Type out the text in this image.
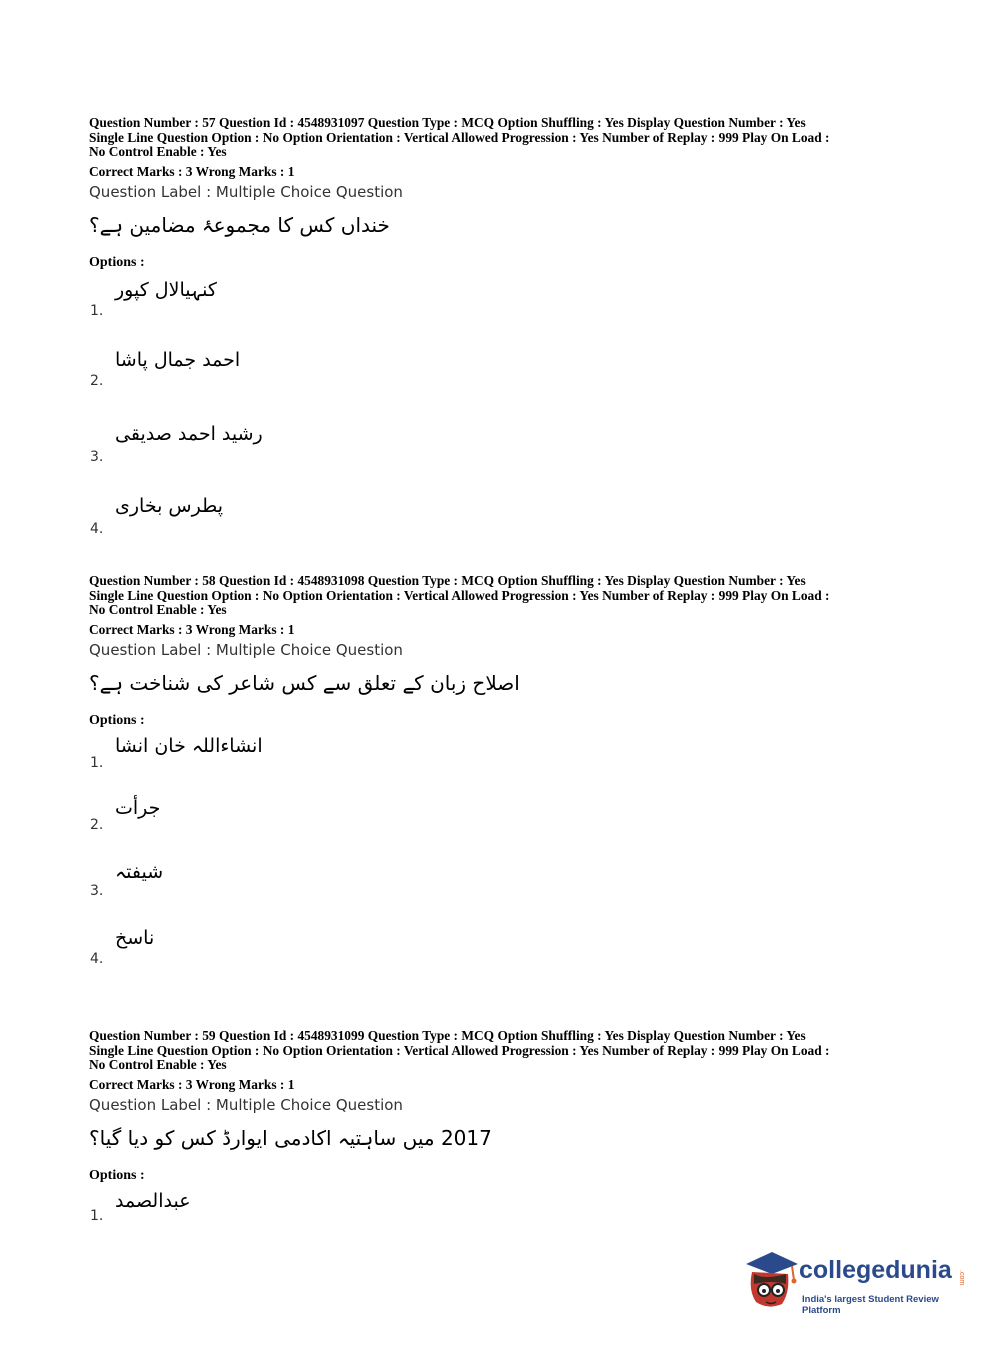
Question Number : 57 Question Id : 4548931097 Question Type : MCQ Option Shuffling : Yes Display Question Number : Yes
Single Line Question Option : No Option Orientation : Vertical Allowed Progression : Yes Number of Replay : 999 Play On Load :
No Control Enable : Yes

Correct Marks : 3 Wrong Marks : 1
Question Label : Multiple Choice Question
خنداں کس کا مجموعۂ مضامین ہے؟
Options :
1.
کنہیالال کپور
2.
احمد جمال پاشا
3.
رشید احمد صدیقی
4.
پطرس بخاری

Question Number : 58 Question Id : 4548931098 Question Type : MCQ Option Shuffling : Yes Display Question Number : Yes
Single Line Question Option : No Option Orientation : Vertical Allowed Progression : Yes Number of Replay : 999 Play On Load :
No Control Enable : Yes

Correct Marks : 3 Wrong Marks : 1
Question Label : Multiple Choice Question
اصلاح زبان کے تعلق سے کس شاعر کی شناخت ہے؟
Options :
1.
انشاءاللہ خان انشا
2.
جرأت
3.
شیفتہ
4.
ناسخ

Question Number : 59 Question Id : 4548931099 Question Type : MCQ Option Shuffling : Yes Display Question Number : Yes
Single Line Question Option : No Option Orientation : Vertical Allowed Progression : Yes Number of Replay : 999 Play On Load :
No Control Enable : Yes

Correct Marks : 3 Wrong Marks : 1
Question Label : Multiple Choice Question
2017 میں ساہتیہ اکادمی ایوارڈ کس کو دیا گیا؟
Options :
1.
عبدالصمد
collegedunia .com
India's largest Student Review Platform
